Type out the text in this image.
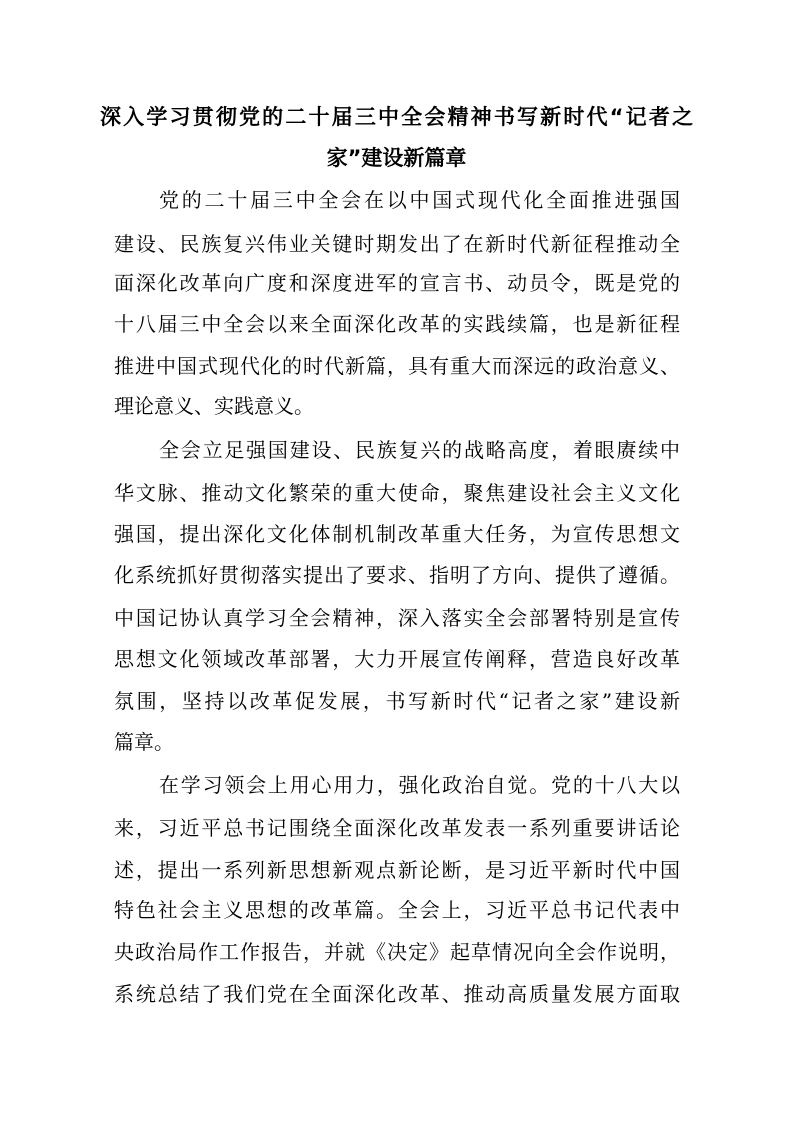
深入学习贯彻党的二十届三中全会精神书写新时代“记者之
家”建设新篇章

党的二十届三中全会在以中国式现代化全面推进强国

建设、民族复兴伟业关键时期发出了在新时代新征程推动全

面深化改革向广度和深度进军的宣言书、动员令，既是党的

十八届三中全会以来全面深化改革的实践续篇，也是新征程

推进中国式现代化的时代新篇，具有重大而深远的政治意义、

理论意义、实践意义。

全会立足强国建设、民族复兴的战略高度，着眼赓续中

华文脉、推动文化繁荣的重大使命，聚焦建设社会主义文化

强国，提出深化文化体制机制改革重大任务，为宣传思想文

化系统抓好贯彻落实提出了要求、指明了方向、提供了遵循。

中国记协认真学习全会精神，深入落实全会部署特别是宣传

思想文化领域改革部署，大力开展宣传阐释，营造良好改革

氛围，坚持以改革促发展，书写新时代“记者之家”建设新

篇章。

在学习领会上用心用力，强化政治自觉。党的十八大以

来，习近平总书记围绕全面深化改革发表一系列重要讲话论

述，提出一系列新思想新观点新论断，是习近平新时代中国

特色社会主义思想的改革篇。全会上，习近平总书记代表中

央政治局作工作报告，并就《决定》起草情况向全会作说明，

系统总结了我们党在全面深化改革、推动高质量发展方面取
